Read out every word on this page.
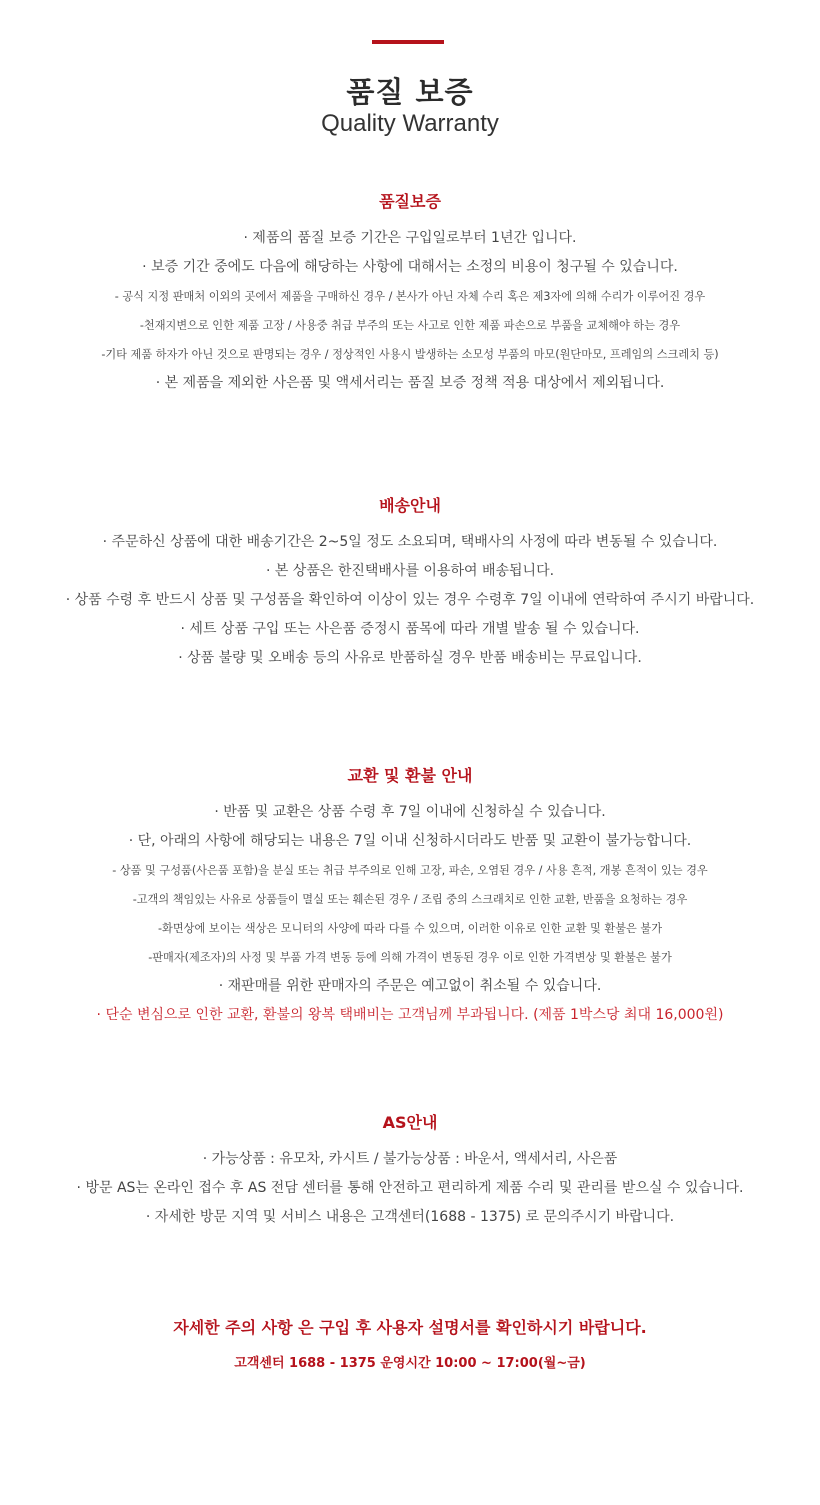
품질 보증
Quality Warranty
품질보증
· 제품의 품질 보증 기간은 구입일로부터 1년간 입니다.
· 보증 기간 중에도 다음에 해당하는 사항에 대해서는 소정의 비용이 청구될 수 있습니다.
- 공식 지정 판매처 이외의 곳에서 제품을 구매하신 경우 / 본사가 아닌 자체 수리 혹은 제3자에 의해 수리가 이루어진 경우
-천재지변으로 인한 제품 고장 / 사용중 취급 부주의 또는 사고로 인한 제품 파손으로 부품을 교체해야 하는 경우
-기타 제품 하자가 아닌 것으로 판명되는 경우 / 정상적인 사용시 발생하는 소모성 부품의 마모(원단마모, 프레임의 스크레치 등)
· 본 제품을 제외한 사은품 및 액세서리는 품질 보증 정책 적용 대상에서 제외됩니다.
배송안내
· 주문하신 상품에 대한 배송기간은 2~5일 정도 소요되며, 택배사의 사정에 따라 변동될 수 있습니다.
· 본 상품은 한진택배사를 이용하여 배송됩니다.
· 상품 수령 후 반드시 상품 및 구성품을 확인하여 이상이 있는 경우 수령후 7일 이내에 연락하여 주시기 바랍니다.
· 세트 상품 구입 또는 사은품 증정시 품목에 따라 개별 발송 될 수 있습니다.
· 상품 불량 및 오배송 등의 사유로 반품하실 경우 반품 배송비는 무료입니다.
교환 및 환불 안내
· 반품 및 교환은 상품 수령 후 7일 이내에 신청하실 수 있습니다.
· 단, 아래의 사항에 해당되는 내용은 7일 이내 신청하시더라도 반품 및 교환이 불가능합니다.
- 상품 및 구성품(사은품 포함)을 분실 또는 취급 부주의로 인해 고장, 파손, 오염된 경우 / 사용 흔적, 개봉 흔적이 있는 경우
-고객의 책임있는 사유로 상품들이 멸실 또는 훼손된 경우 / 조립 중의 스크래치로 인한 교환, 반품을 요청하는 경우
-화면상에 보이는 색상은 모니터의 사양에 따라 다를 수 있으며, 이러한 이유로 인한 교환 및 환불은 불가
-판매자(제조자)의 사정 및 부품 가격 변동 등에 의해 가격이 변동된 경우 이로 인한 가격변상 및 환불은 불가
· 재판매를 위한 판매자의 주문은 예고없이 취소될 수 있습니다.
· 단순 변심으로 인한 교환, 환불의 왕복 택배비는 고객님께 부과됩니다. (제품 1박스당 최대 16,000원)
AS안내
· 가능상품 : 유모차, 카시트 / 불가능상품 : 바운서, 액세서리, 사은품
· 방문 AS는 온라인 접수 후 AS 전담 센터를 통해 안전하고 편리하게 제품 수리 및 관리를 받으실 수 있습니다.
· 자세한 방문 지역 및 서비스 내용은 고객센터(1688 - 1375) 로 문의주시기 바랍니다.
자세한 주의 사항 은 구입 후 사용자 설명서를 확인하시기 바랍니다.
고객센터 1688 - 1375 운영시간 10:00 ~ 17:00(월~금)
